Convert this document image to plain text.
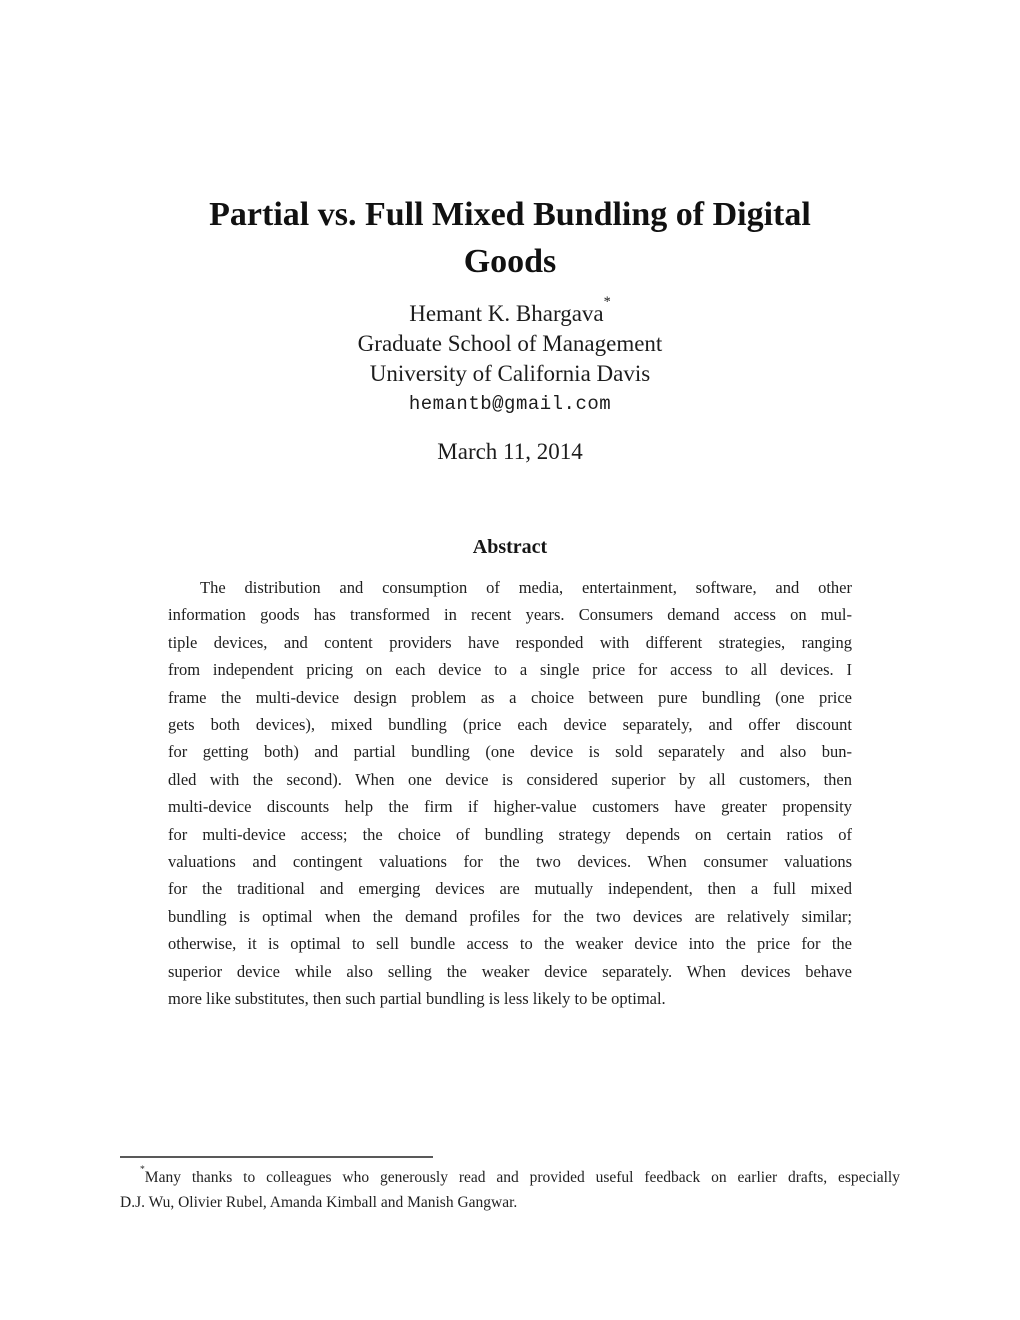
Partial vs. Full Mixed Bundling of Digital
Goods
Hemant K. Bhargava*
Graduate School of Management
University of California Davis
hemantb@gmail.com
March 11, 2014
Abstract
The distribution and consumption of media, entertainment, software, and other
information goods has transformed in recent years. Consumers demand access on mul-
tiple devices, and content providers have responded with different strategies, ranging
from independent pricing on each device to a single price for access to all devices. I
frame the multi-device design problem as a choice between pure bundling (one price
gets both devices), mixed bundling (price each device separately, and offer discount
for getting both) and partial bundling (one device is sold separately and also bun-
dled with the second). When one device is considered superior by all customers, then
multi-device discounts help the firm if higher-value customers have greater propensity
for multi-device access; the choice of bundling strategy depends on certain ratios of
valuations and contingent valuations for the two devices. When consumer valuations
for the traditional and emerging devices are mutually independent, then a full mixed
bundling is optimal when the demand profiles for the two devices are relatively similar;
otherwise, it is optimal to sell bundle access to the weaker device into the price for the
superior device while also selling the weaker device separately. When devices behave
more like substitutes, then such partial bundling is less likely to be optimal.
*Many thanks to colleagues who generously read and provided useful feedback on earlier drafts, especially
D.J. Wu, Olivier Rubel, Amanda Kimball and Manish Gangwar.
